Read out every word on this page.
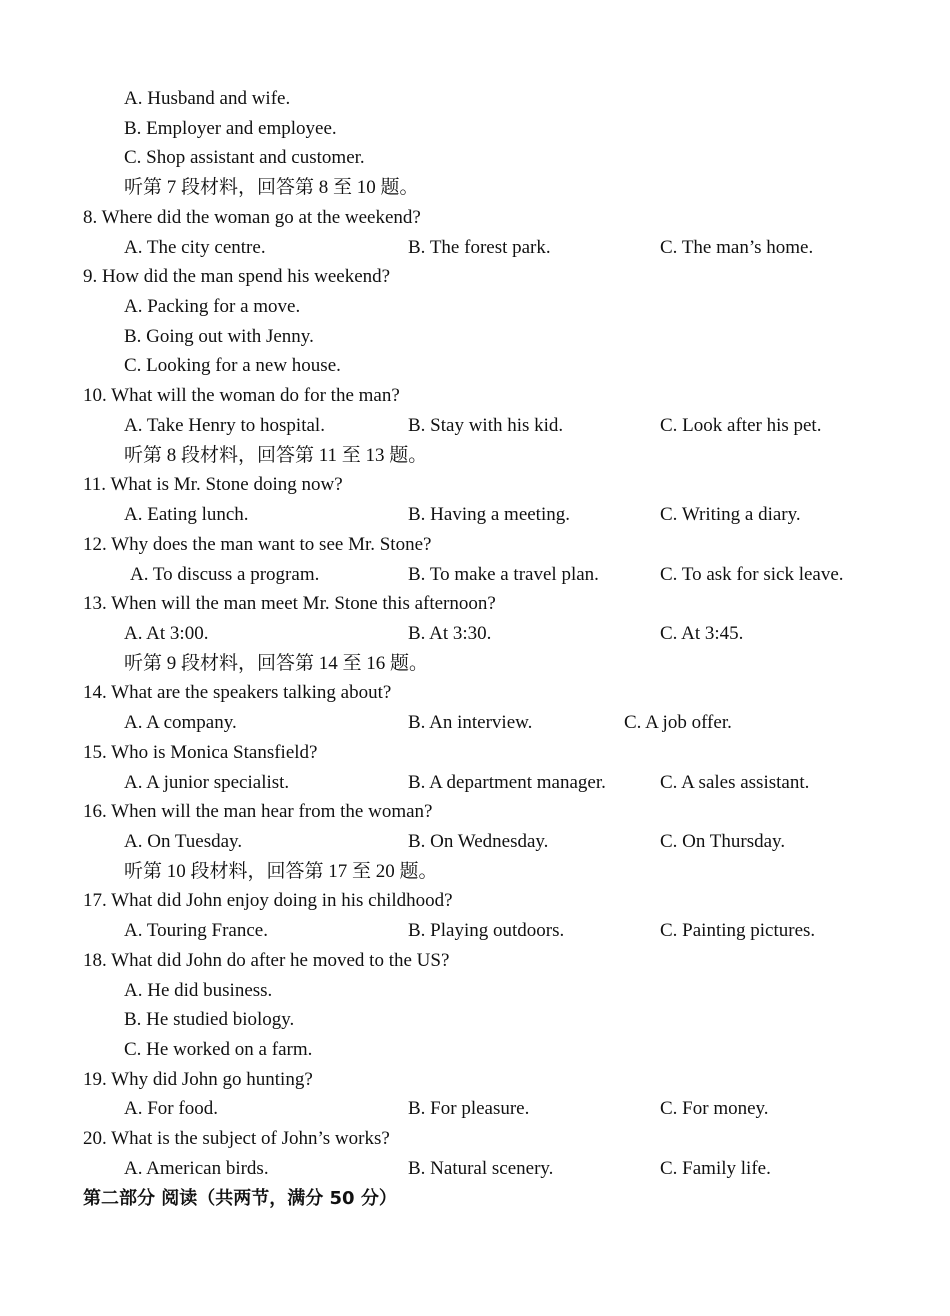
A. Husband and wife.
B. Employer and employee.
C. Shop assistant and customer.
听第 7 段材料，回答第 8 至 10 题。
8. Where did the woman go at the weekend?
A. The city centre.	B. The forest park.	C. The man’s home.
9. How did the man spend his weekend?
A. Packing for a move.
B. Going out with Jenny.
C. Looking for a new house.
10. What will the woman do for the man?
A. Take Henry to hospital.	B. Stay with his kid.	C. Look after his pet.
听第 8 段材料，回答第 11 至 13 题。
11. What is Mr. Stone doing now?
A. Eating lunch.	B. Having a meeting.	C. Writing a diary.
12. Why does the man want to see Mr. Stone?
A. To discuss a program.	B. To make a travel plan.	C. To ask for sick leave.
13. When will the man meet Mr. Stone this afternoon?
A. At 3:00.	B. At 3:30.	C. At 3:45.
听第 9 段材料，回答第 14 至 16 题。
14. What are the speakers talking about?
A. A company.	B. An interview.	C. A job offer.
15. Who is Monica Stansfield?
A. A junior specialist.	B. A department manager.	C. A sales assistant.
16. When will the man hear from the woman?
A. On Tuesday.	B. On Wednesday.	C. On Thursday.
听第 10 段材料，回答第 17 至 20 题。
17. What did John enjoy doing in his childhood?
A. Touring France.	B. Playing outdoors.	C. Painting pictures.
18. What did John do after he moved to the US?
A. He did business.
B. He studied biology.
C. He worked on a farm.
19. Why did John go hunting?
A. For food.	B. For pleasure.	C. For money.
20. What is the subject of John’s works?
A. American birds.	B. Natural scenery.	C. Family life.
第二部分 阅读（共两节，满分 50 分）
